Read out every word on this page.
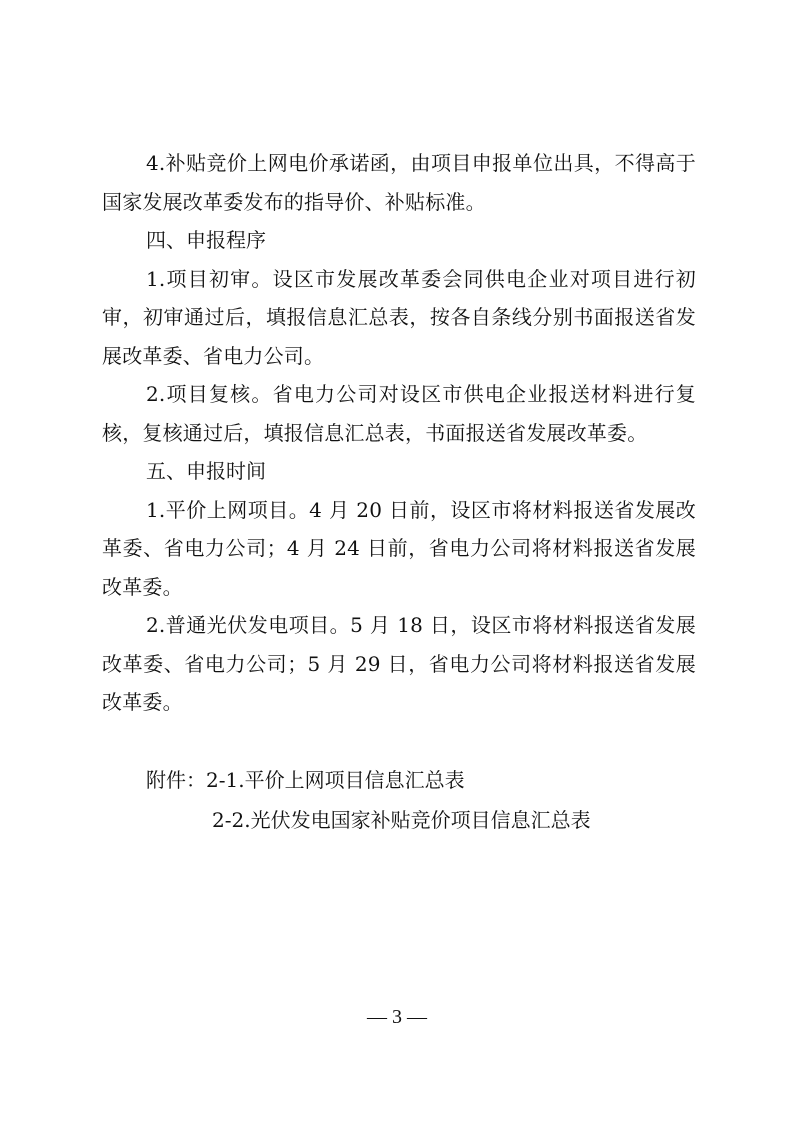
4.补贴竞价上网电价承诺函，由项目申报单位出具，不得高于国家发展改革委发布的指导价、补贴标准。

四、申报程序

1.项目初审。设区市发展改革委会同供电企业对项目进行初审，初审通过后，填报信息汇总表，按各自条线分别书面报送省发展改革委、省电力公司。

2.项目复核。省电力公司对设区市供电企业报送材料进行复核，复核通过后，填报信息汇总表，书面报送省发展改革委。

五、申报时间

1.平价上网项目。4 月 20 日前，设区市将材料报送省发展改革委、省电力公司；4 月 24 日前，省电力公司将材料报送省发展改革委。

2.普通光伏发电项目。5 月 18 日，设区市将材料报送省发展改革委、省电力公司；5 月 29 日，省电力公司将材料报送省发展改革委。

附件：2-1.平价上网项目信息汇总表

2-2.光伏发电国家补贴竞价项目信息汇总表

— 3 —
